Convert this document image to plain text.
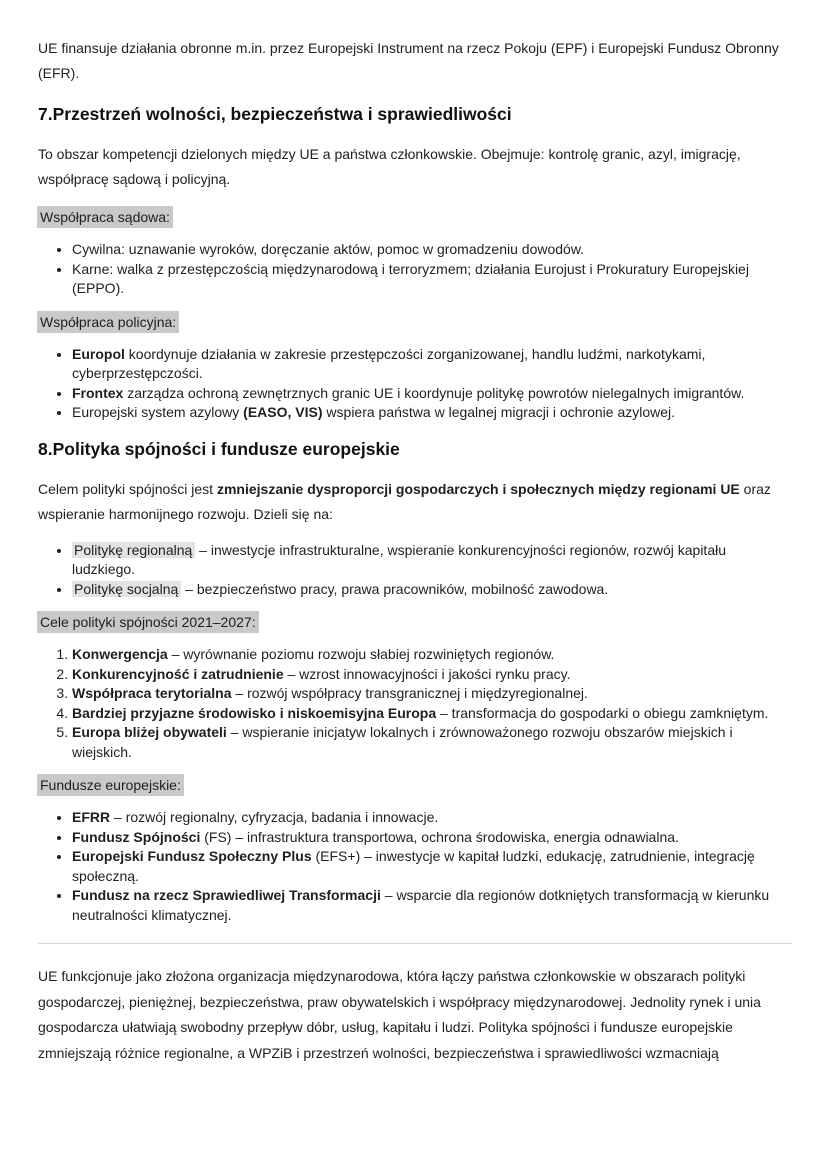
UE finansuje działania obronne m.in. przez Europejski Instrument na rzecz Pokoju (EPF) i Europejski Fundusz Obronny (EFR).

7.Przestrzeń wolności, bezpieczeństwa i sprawiedliwości

To obszar kompetencji dzielonych między UE a państwa członkowskie. Obejmuje: kontrolę granic, azyl, imigrację, współpracę sądową i policyjną.

Współpraca sądowa:
• Cywilna: uznawanie wyroków, doręczanie aktów, pomoc w gromadzeniu dowodów.
• Karne: walka z przestępczością międzynarodową i terroryzmem; działania Eurojust i Prokuratury Europejskiej (EPPO).
Współpraca policyjna:
• Europol koordynuje działania w zakresie przestępczości zorganizowanej, handlu ludźmi, narkotykami, cyberprzestępczości.
• Frontex zarządza ochroną zewnętrznych granic UE i koordynuje politykę powrotów nielegalnych imigrantów.
• Europejski system azylowy (EASO, VIS) wspiera państwa w legalnej migracji i ochronie azylowej.
8.Polityka spójności i fundusze europejskie

Celem polityki spójności jest zmniejszanie dysproporcji gospodarczych i społecznych między regionami UE oraz wspieranie harmonijnego rozwoju. Dzieli się na:

• Politykę regionalną – inwestycje infrastrukturalne, wspieranie konkurencyjności regionów, rozwój kapitału ludzkiego.
• Politykę socjalną – bezpieczeństwo pracy, prawa pracowników, mobilność zawodowa.
Cele polityki spójności 2021–2027:
1. Konwergencja – wyrównanie poziomu rozwoju słabiej rozwiniętych regionów.
2. Konkurencyjność i zatrudnienie – wzrost innowacyjności i jakości rynku pracy.
3. Współpraca terytorialna – rozwój współpracy transgranicznej i międzyregionalnej.
4. Bardziej przyjazne środowisko i niskoemisyjna Europa – transformacja do gospodarki o obiegu zamkniętym.
5. Europa bliżej obywateli – wspieranie inicjatyw lokalnych i zrównoważonego rozwoju obszarów miejskich i wiejskich.
Fundusze europejskie:
• EFRR – rozwój regionalny, cyfryzacja, badania i innowacje.
• Fundusz Spójności (FS) – infrastruktura transportowa, ochrona środowiska, energia odnawialna.
• Europejski Fundusz Społeczny Plus (EFS+) – inwestycje w kapitał ludzki, edukację, zatrudnienie, integrację społeczną.
• Fundusz na rzecz Sprawiedliwej Transformacji – wsparcie dla regionów dotkniętych transformacją w kierunku neutralności klimatycznej.

UE funkcjonuje jako złożona organizacja międzynarodowa, która łączy państwa członkowskie w obszarach polityki gospodarczej, pieniężnej, bezpieczeństwa, praw obywatelskich i współpracy międzynarodowej. Jednolity rynek i unia gospodarcza ułatwiają swobodny przepływ dóbr, usług, kapitału i ludzi. Polityka spójności i fundusze europejskie zmniejszają różnice regionalne, a WPZiB i przestrzeń wolności, bezpieczeństwa i sprawiedliwości wzmacniają
